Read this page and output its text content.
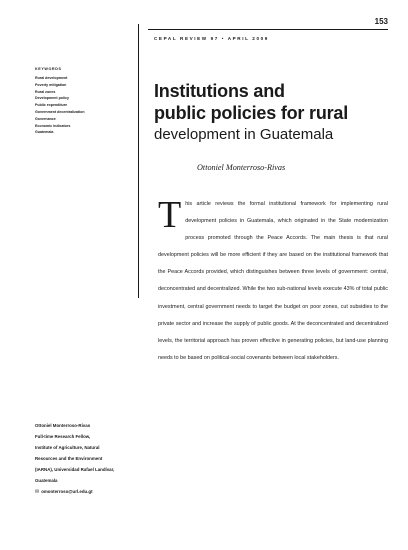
153
CEPAL REVIEW 97 • APRIL 2009
KEYWORDS
Rural development
Poverty mitigation
Rural zones
Development policy
Public expenditure
Government decentralization
Governance
Economic indicators
Guatemala
Institutions and
public policies for rural
development in Guatemala
Ottoniel Monterroso-Rivas

This article reviews the formal institutional framework for implementing rural development policies in Guatemala, which originated in the State modernization process promoted through the Peace Accords. The main thesis is that rural development policies will be more efficient if they are based on the institutional framework that the Peace Accords provided, which distinguishes between three levels of government: central, deconcentrated and decentralized. While the two sub-national levels execute 43% of total public investment, central government needs to target the budget on poor zones, cut subsidies to the private sector and increase the supply of public goods. At the deconcentrated and decentralized levels, the territorial approach has proven effective in generating policies, but land-use planning needs to be based on political-social covenants between local stakeholders.

Ottoniel Monterroso-Rivas
Full-time Research Fellow,
Institute of Agriculture, Natural
Resources and the Environment
(IARNA), Universidad Rafael Landívar,
Guatemala
✉ omonterroso@url.edu.gt
